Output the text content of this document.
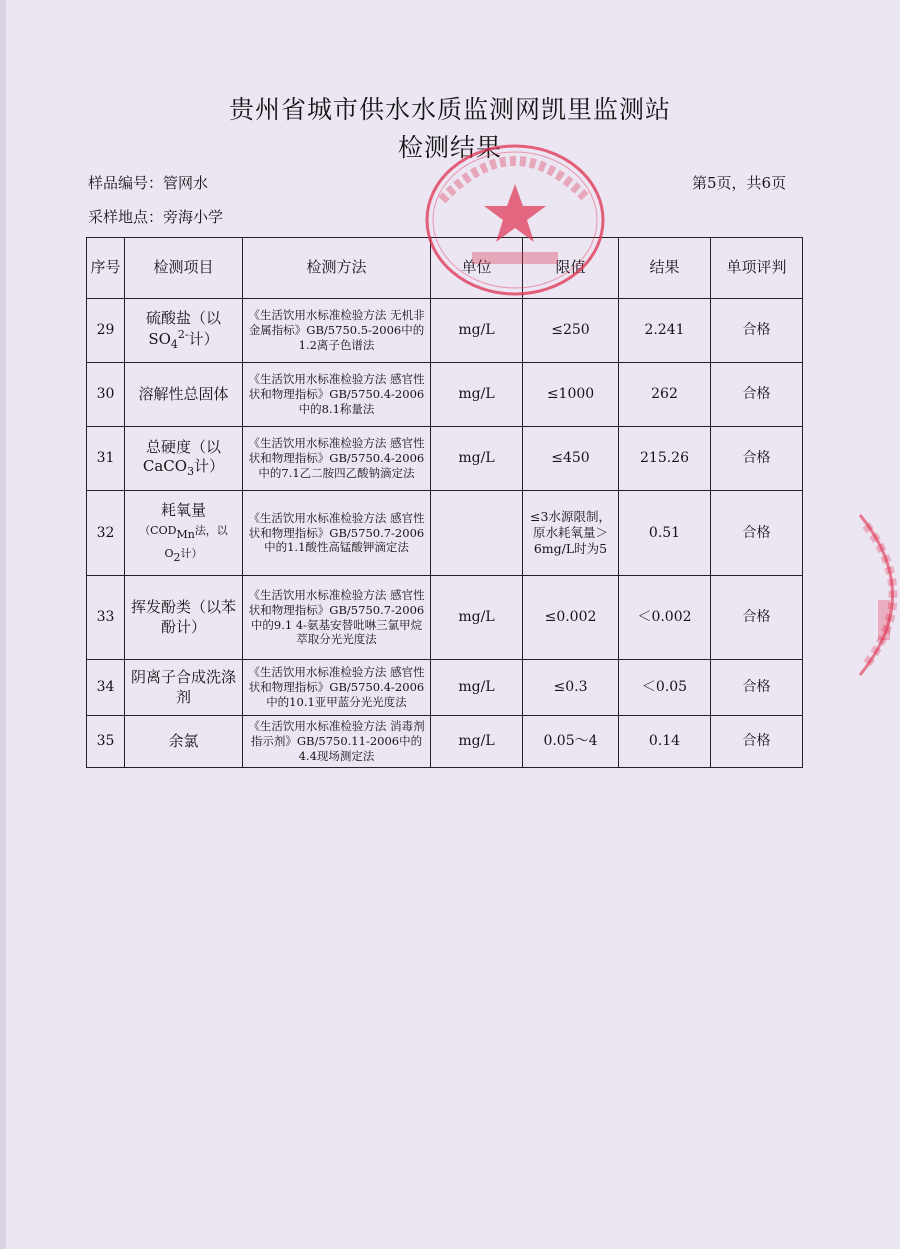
贵州省城市供水水质监测网凯里监测站
检测结果
样品编号：管网水	第5页，共6页
采样地点：旁海小学
序号	检测项目	检测方法	单位	限值	结果	单项评判
29	硫酸盐（以
$SO_4^{2-}$计）	《生活饮用水标准检验方法 无机非金属指标》GB/5750.5-2006中的1.2离子色谱法	mg/L	≤250	2.241	合格
30	溶解性总固体	《生活饮用水标准检验方法 感官性状和物理指标》GB/5750.4-2006中的8.1称量法	mg/L	≤1000	262	合格
31	总硬度（以
CaCO$_3$计）	《生活饮用水标准检验方法 感官性状和物理指标》GB/5750.4-2006中的7.1乙二胺四乙酸钠滴定法	mg/L	≤450	215.26	合格
32	耗氧量
（$COD_{Mn}$法，以
$O_2$计）	《生活饮用水标准检验方法 感官性状和物理指标》GB/5750.7-2006中的1.1酸性高锰酸钾滴定法		≤3水源限制，原水耗氧量＞6mg/L时为5	0.51	合格
33	挥发酚类（以苯酚计）	《生活饮用水标准检验方法 感官性状和物理指标》GB/5750.7-2006中的9.1 4-氨基安替吡啉三氯甲烷萃取分光光度法	mg/L	≤0.002	＜0.002	合格
34	阴离子合成洗涤剂	《生活饮用水标准检验方法 感官性状和物理指标》GB/5750.4-2006中的10.1亚甲蓝分光光度法	mg/L	≤0.3	＜0.05	合格
35	余氯	《生活饮用水标准检验方法 消毒剂指示剂》GB/5750.11-2006中的4.4现场测定法	mg/L	0.05～4	0.14	合格
